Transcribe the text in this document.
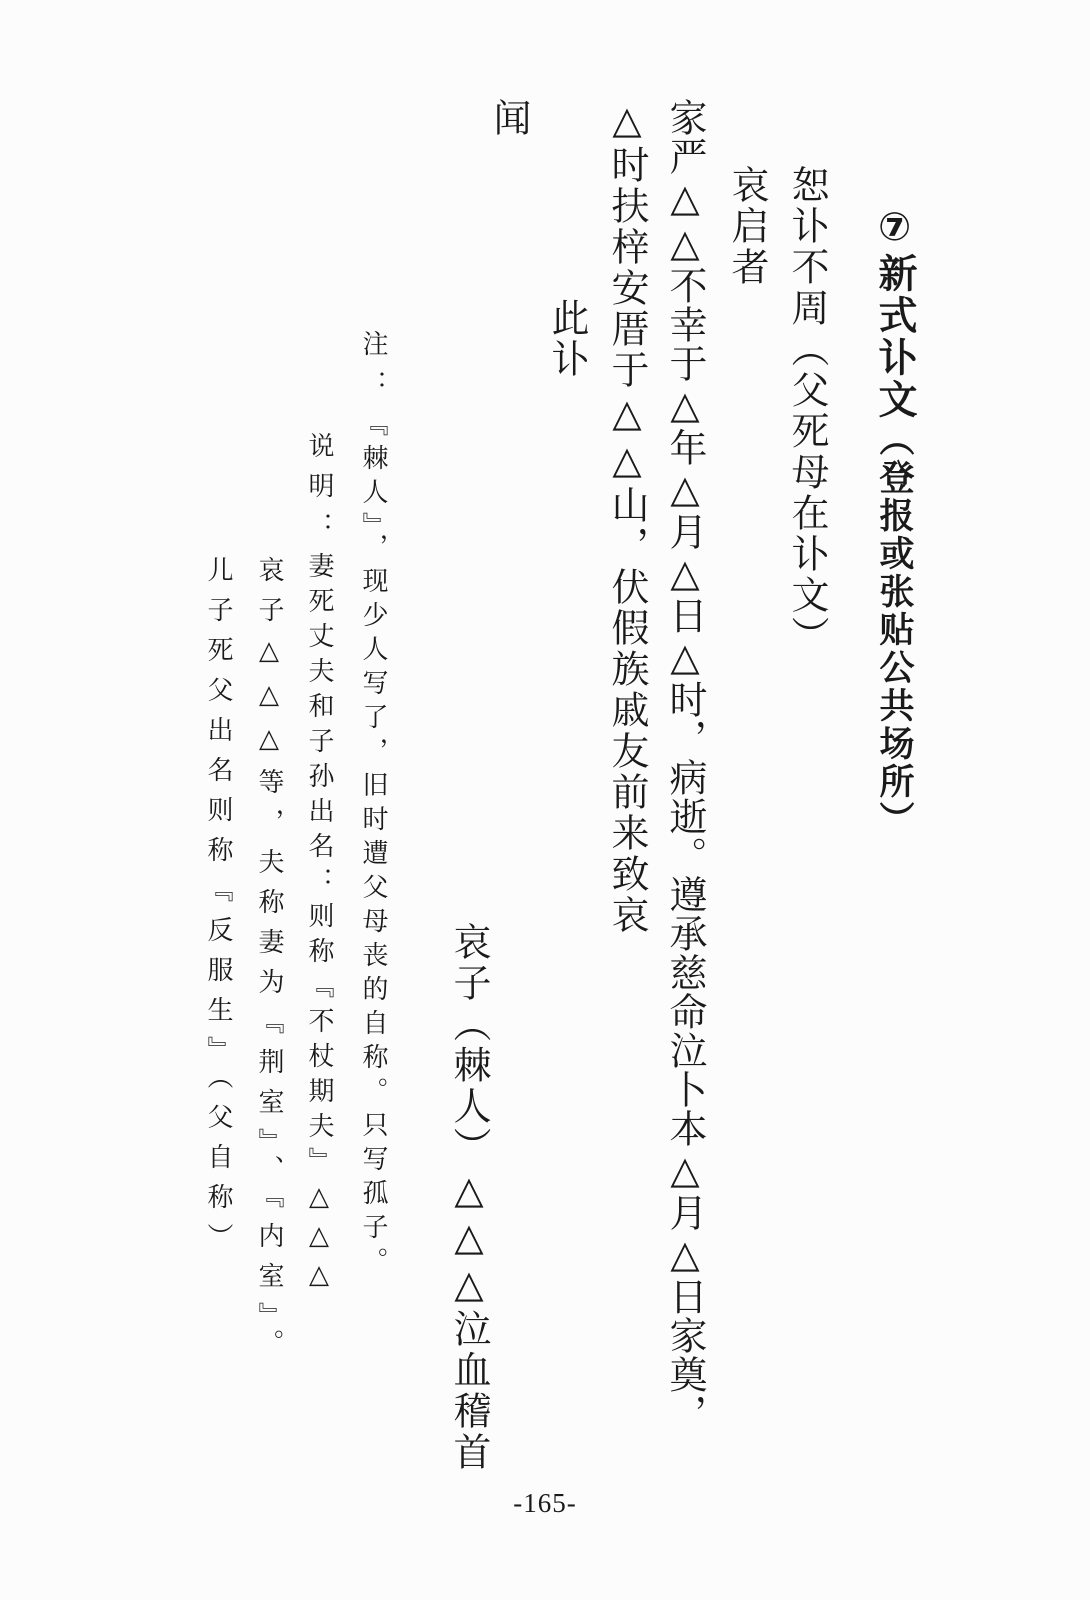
⑦新式讣文（登报或张贴公共场所）
恕讣不周（父死母在讣文）
哀启者
家严△△不幸于△年△月△日△时，病逝。遵承慈命泣卜本△月△日家奠，
△时扶梓安厝于△△山，伏假族戚友前来致哀
此讣
闻
哀子（棘人）△△△泣血稽首
注：『棘人』，现少人写了，旧时遭父母丧的自称。只写孤子。
说明：妻死丈夫和子孙出名：则称『不杖期夫』△△△
哀子△△△等，夫称妻为『荆室』、『内室』。
儿子死父出名则称『反服生』（父自称）
-165-
